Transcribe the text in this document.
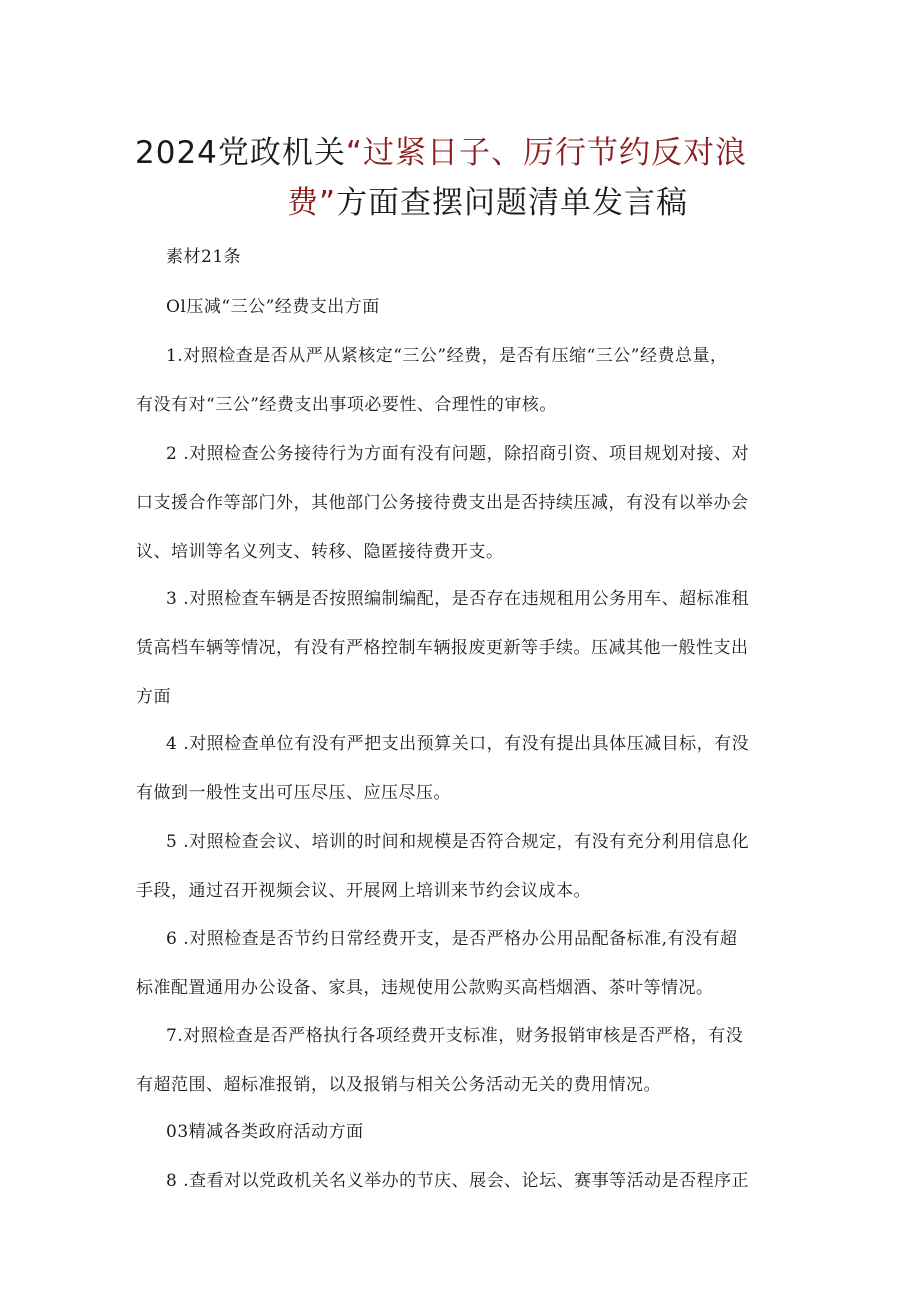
2024党政机关“过紧日子、厉行节约反对浪
费”方面查摆问题清单发言稿
素材21条
Ol压减“三公”经费支出方面
1.对照检查是否从严从紧核定“三公”经费，是否有压缩“三公”经费总量，
有没有对“三公”经费支出事项必要性、合理性的审核。
2 .对照检查公务接待行为方面有没有问题，除招商引资、项目规划对接、对
口支援合作等部门外，其他部门公务接待费支出是否持续压减，有没有以举办会
议、培训等名义列支、转移、隐匿接待费开支。
3 .对照检查车辆是否按照编制编配，是否存在违规租用公务用车、超标准租
赁高档车辆等情况，有没有严格控制车辆报废更新等手续。压减其他一般性支出
方面
4 .对照检查单位有没有严把支出预算关口，有没有提出具体压减目标，有没
有做到一般性支出可压尽压、应压尽压。
5 .对照检查会议、培训的时间和规模是否符合规定，有没有充分利用信息化
手段，通过召开视频会议、开展网上培训来节约会议成本。
6 .对照检查是否节约日常经费开支，是否严格办公用品配备标准,有没有超
标准配置通用办公设备、家具，违规使用公款购买高档烟酒、茶叶等情况。
7.对照检查是否严格执行各项经费开支标准，财务报销审核是否严格，有没
有超范围、超标准报销，以及报销与相关公务活动无关的费用情况。
03精减各类政府活动方面
8 .查看对以党政机关名义举办的节庆、展会、论坛、赛事等活动是否程序正
